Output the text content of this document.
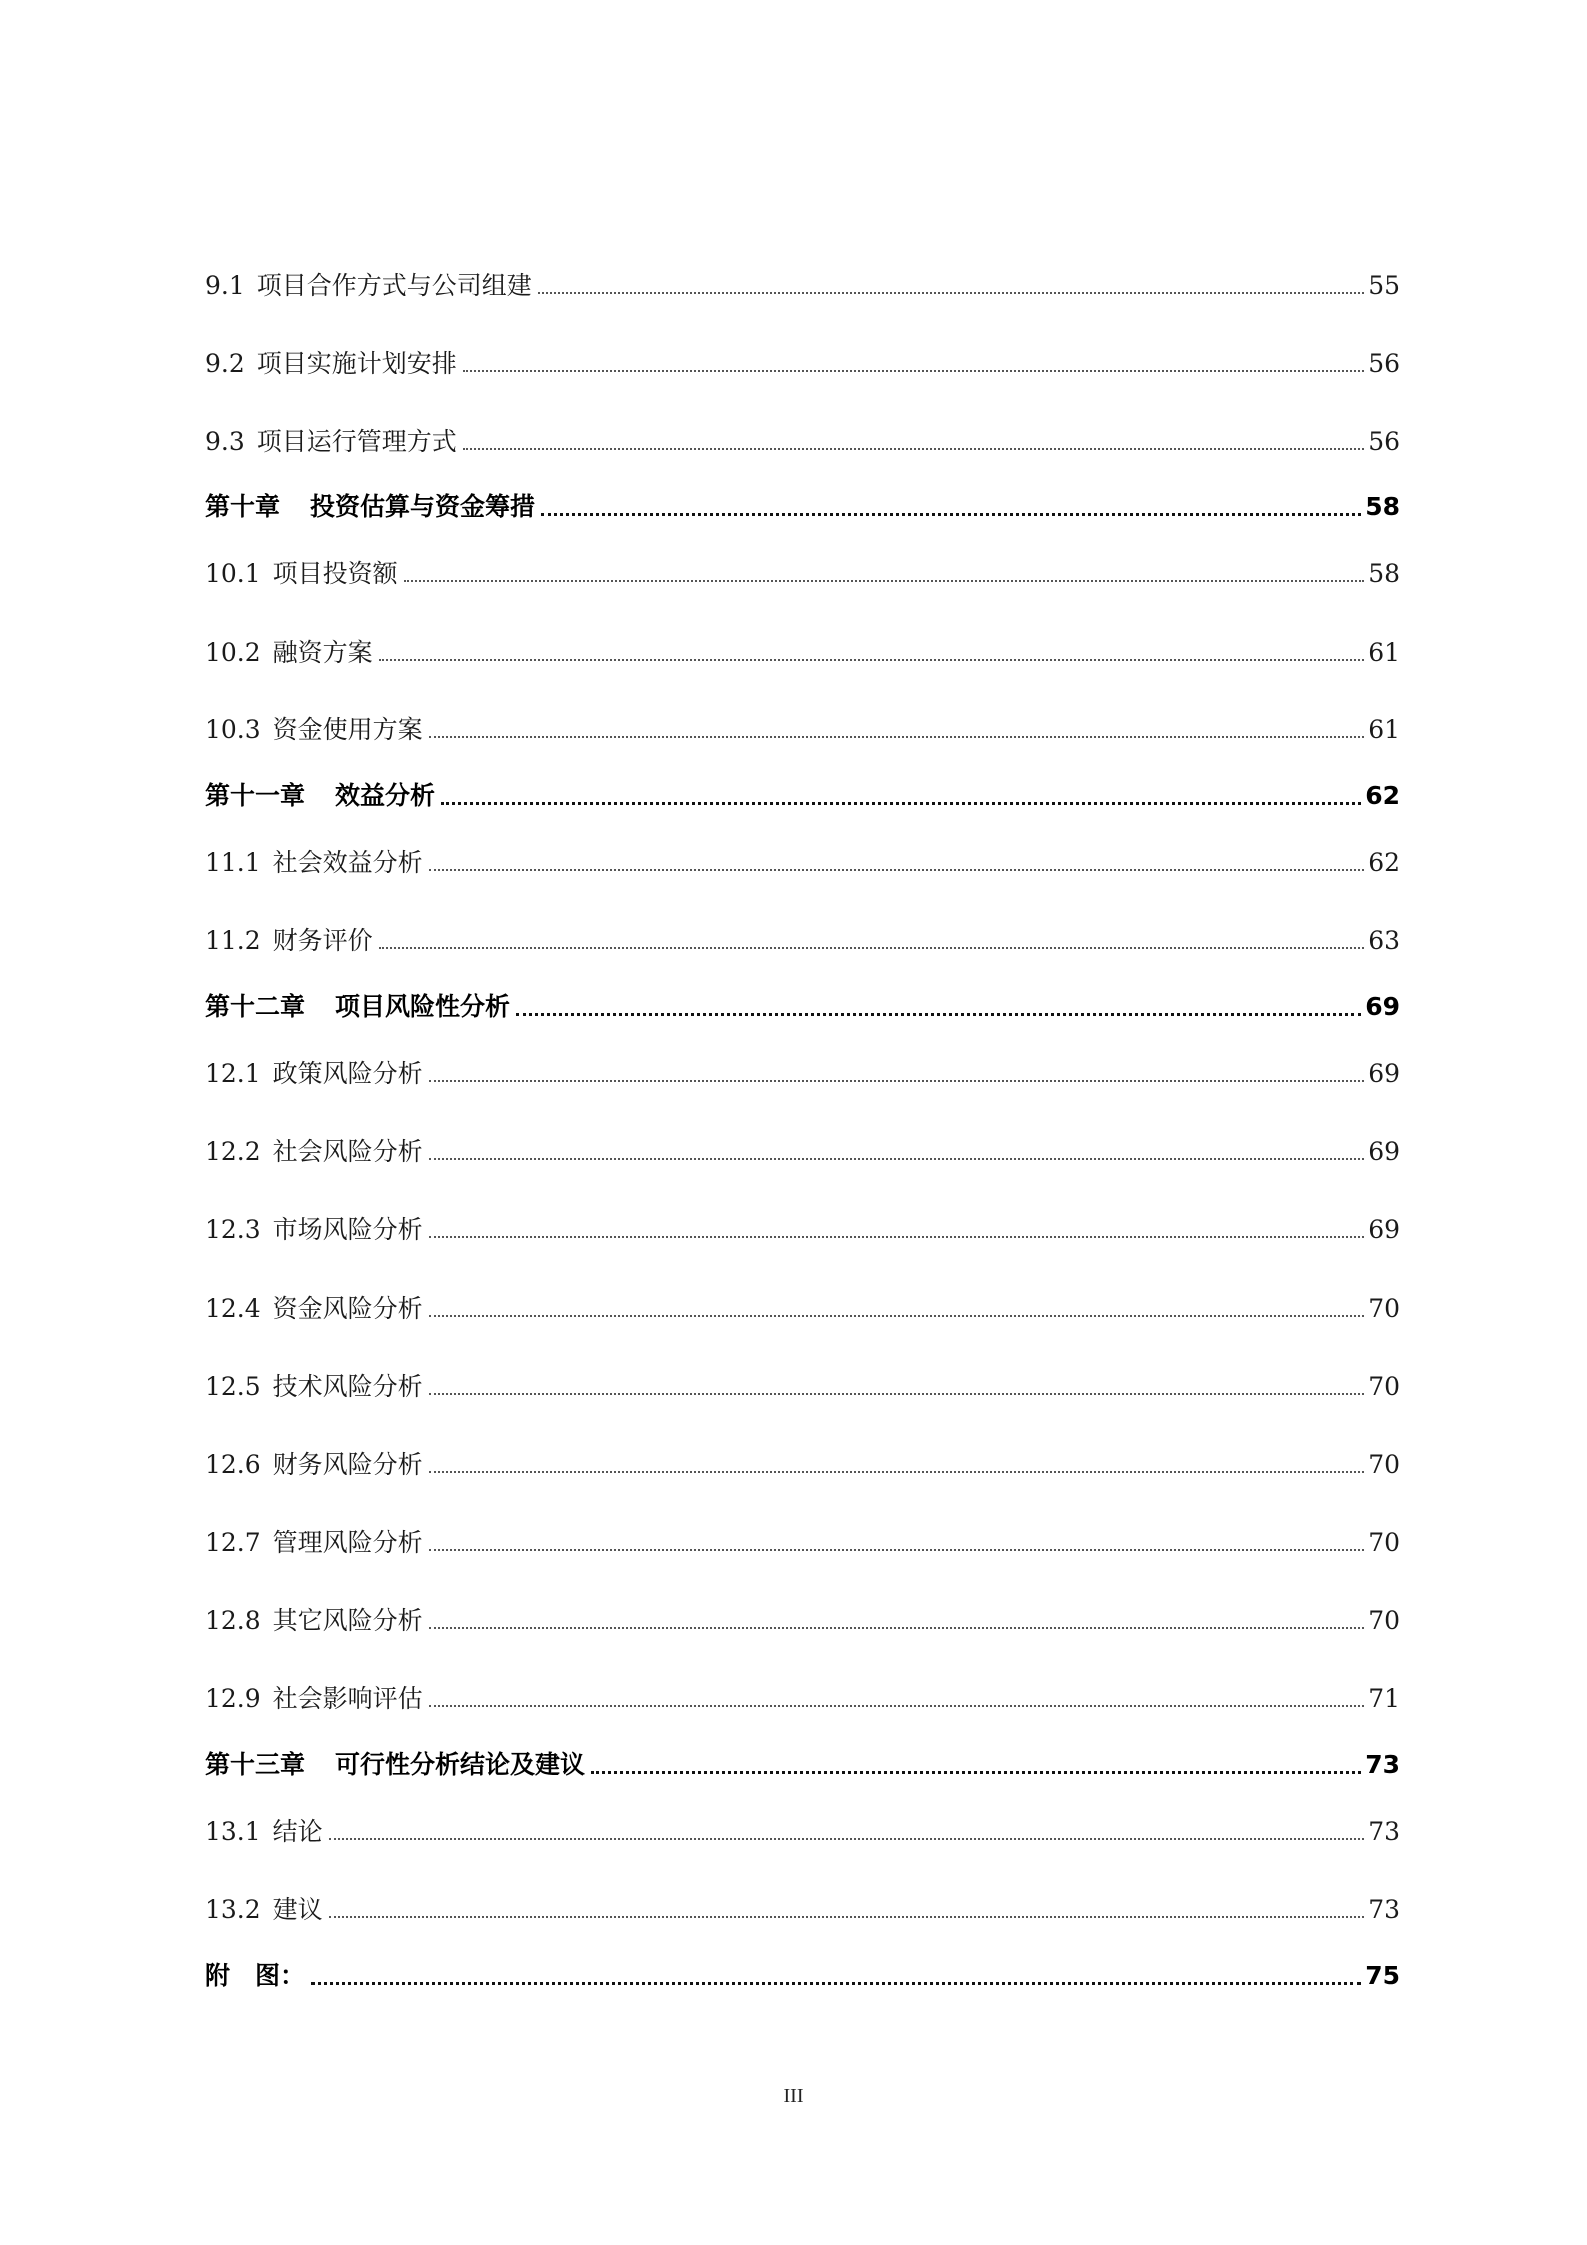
9.1 项目合作方式与公司组建	55
9.2 项目实施计划安排	56
9.3 项目运行管理方式	56
第十章 投资估算与资金筹措	58
10.1 项目投资额	58
10.2 融资方案	61
10.3 资金使用方案	61
第十一章 效益分析	62
11.1 社会效益分析	62
11.2 财务评价	63
第十二章 项目风险性分析	69
12.1 政策风险分析	69
12.2 社会风险分析	69
12.3 市场风险分析	69
12.4 资金风险分析	70
12.5 技术风险分析	70
12.6 财务风险分析	70
12.7 管理风险分析	70
12.8 其它风险分析	70
12.9 社会影响评估	71
第十三章 可行性分析结论及建议	73
13.1 结论	73
13.2 建议	73
附　图：	75
III
